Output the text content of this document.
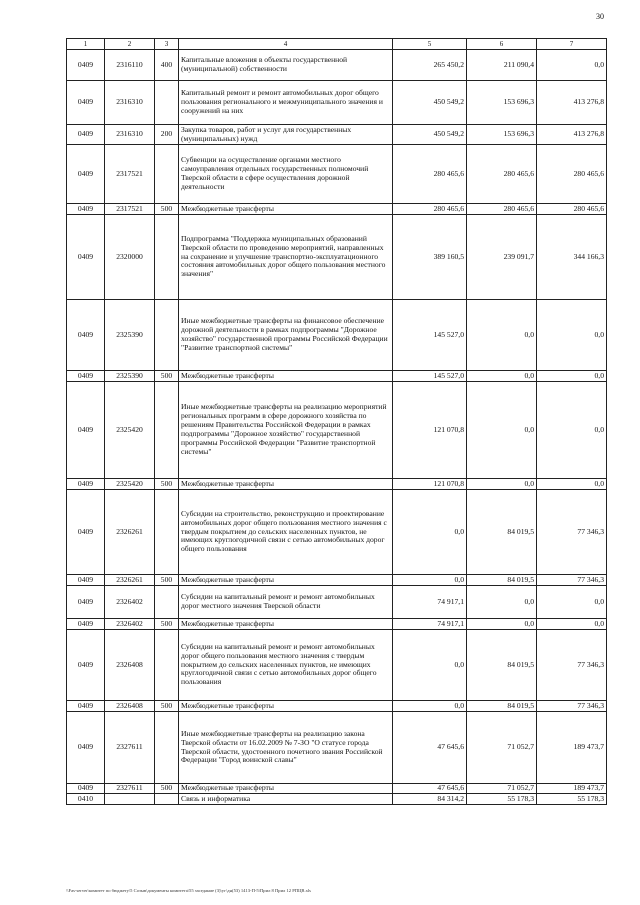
30
1	2	3	4	5	6	7
0409	2316110	400	Капитальные вложения в объекты государственной (муниципальной) собственности	265 450,2	211 090,4	0,0
0409	2316310		Капитальный ремонт и ремонт автомобильных дорог общего пользования регионального и межмуниципального значения и сооружений на них	450 549,2	153 696,3	413 276,8
0409	2316310	200	Закупка товаров, работ и услуг для государственных (муниципальных) нужд	450 549,2	153 696,3	413 276,8
0409	2317521		Субвенции на осуществление органами местного самоуправления отдельных государственных полномочий Тверской области в сфере осуществления дорожной деятельности	280 465,6	280 465,6	280 465,6
0409	2317521	500	Межбюджетные трансферты	280 465,6	280 465,6	280 465,6
0409	2320000		Подпрограмма "Поддержка муниципальных образований Тверской области по проведению мероприятий, направленных на сохранение и улучшение транспортно-эксплуатационного состояния автомобильных дорог общего пользования местного значения"	389 160,5	239 091,7	344 166,3
0409	2325390		Иные межбюджетные трансферты на финансовое обеспечение дорожной деятельности в рамках подпрограммы "Дорожное хозяйство" государственной программы Российской Федерации "Развитие транспортной системы"	145 527,0	0,0	0,0
0409	2325390	500	Межбюджетные трансферты	145 527,0	0,0	0,0
0409	2325420		Иные межбюджетные трансферты на реализацию мероприятий региональных программ в сфере дорожного хозяйства по решениям Правительства Российской Федерации в рамках подпрограммы "Дорожное хозяйство" государственной программы Российской Федерации "Развитие транспортной системы"	121 070,8	0,0	0,0
0409	2325420	500	Межбюджетные трансферты	121 070,8	0,0	0,0
0409	2326261		Субсидии на строительство, реконструкцию и проектирование автомобильных дорог общего пользования местного значения с твердым покрытием до сельских населенных пунктов, не имеющих круглогодичной связи с сетью автомобильных дорог общего пользования	0,0	84 019,5	77 346,3
0409	2326261	500	Межбюджетные трансферты	0,0	84 019,5	77 346,3
0409	2326402		Субсидии на капитальный ремонт и ремонт автомобильных дорог местного значения Тверской области	74 917,1	0,0	0,0
0409	2326402	500	Межбюджетные трансферты	74 917,1	0,0	0,0
0409	2326408		Субсидии на капитальный ремонт и ремонт автомобильных дорог общего пользования местного значения с твердым покрытием до сельских населенных пунктов, не имеющих круглогодичной связи с сетью автомобильных дорог общего пользования	0,0	84 019,5	77 346,3
0409	2326408	500	Межбюджетные трансферты	0,0	84 019,5	77 346,3
0409	2327611		Иные межбюджетные трансферты на реализацию закона Тверской области от 16.02.2009 № 7-ЗО "О статусе города Тверской области, удостоенного почетного звания Российской Федерации "Город воинской славы"	47 645,6	71 052,7	189 473,7
0409	2327611	500	Межбюджетные трансферты	47 645,6	71 052,7	189 473,7
0410			Связь и информатика	84 314,2	55 178,3	55 178,3
\\Fas-server\комитет по бюджету\5 Созыв\документы комитета\55 заседание (3)\уг\дн(53) 1413-П-5\Прил 8 Прил 12 РПЦВ.xls
